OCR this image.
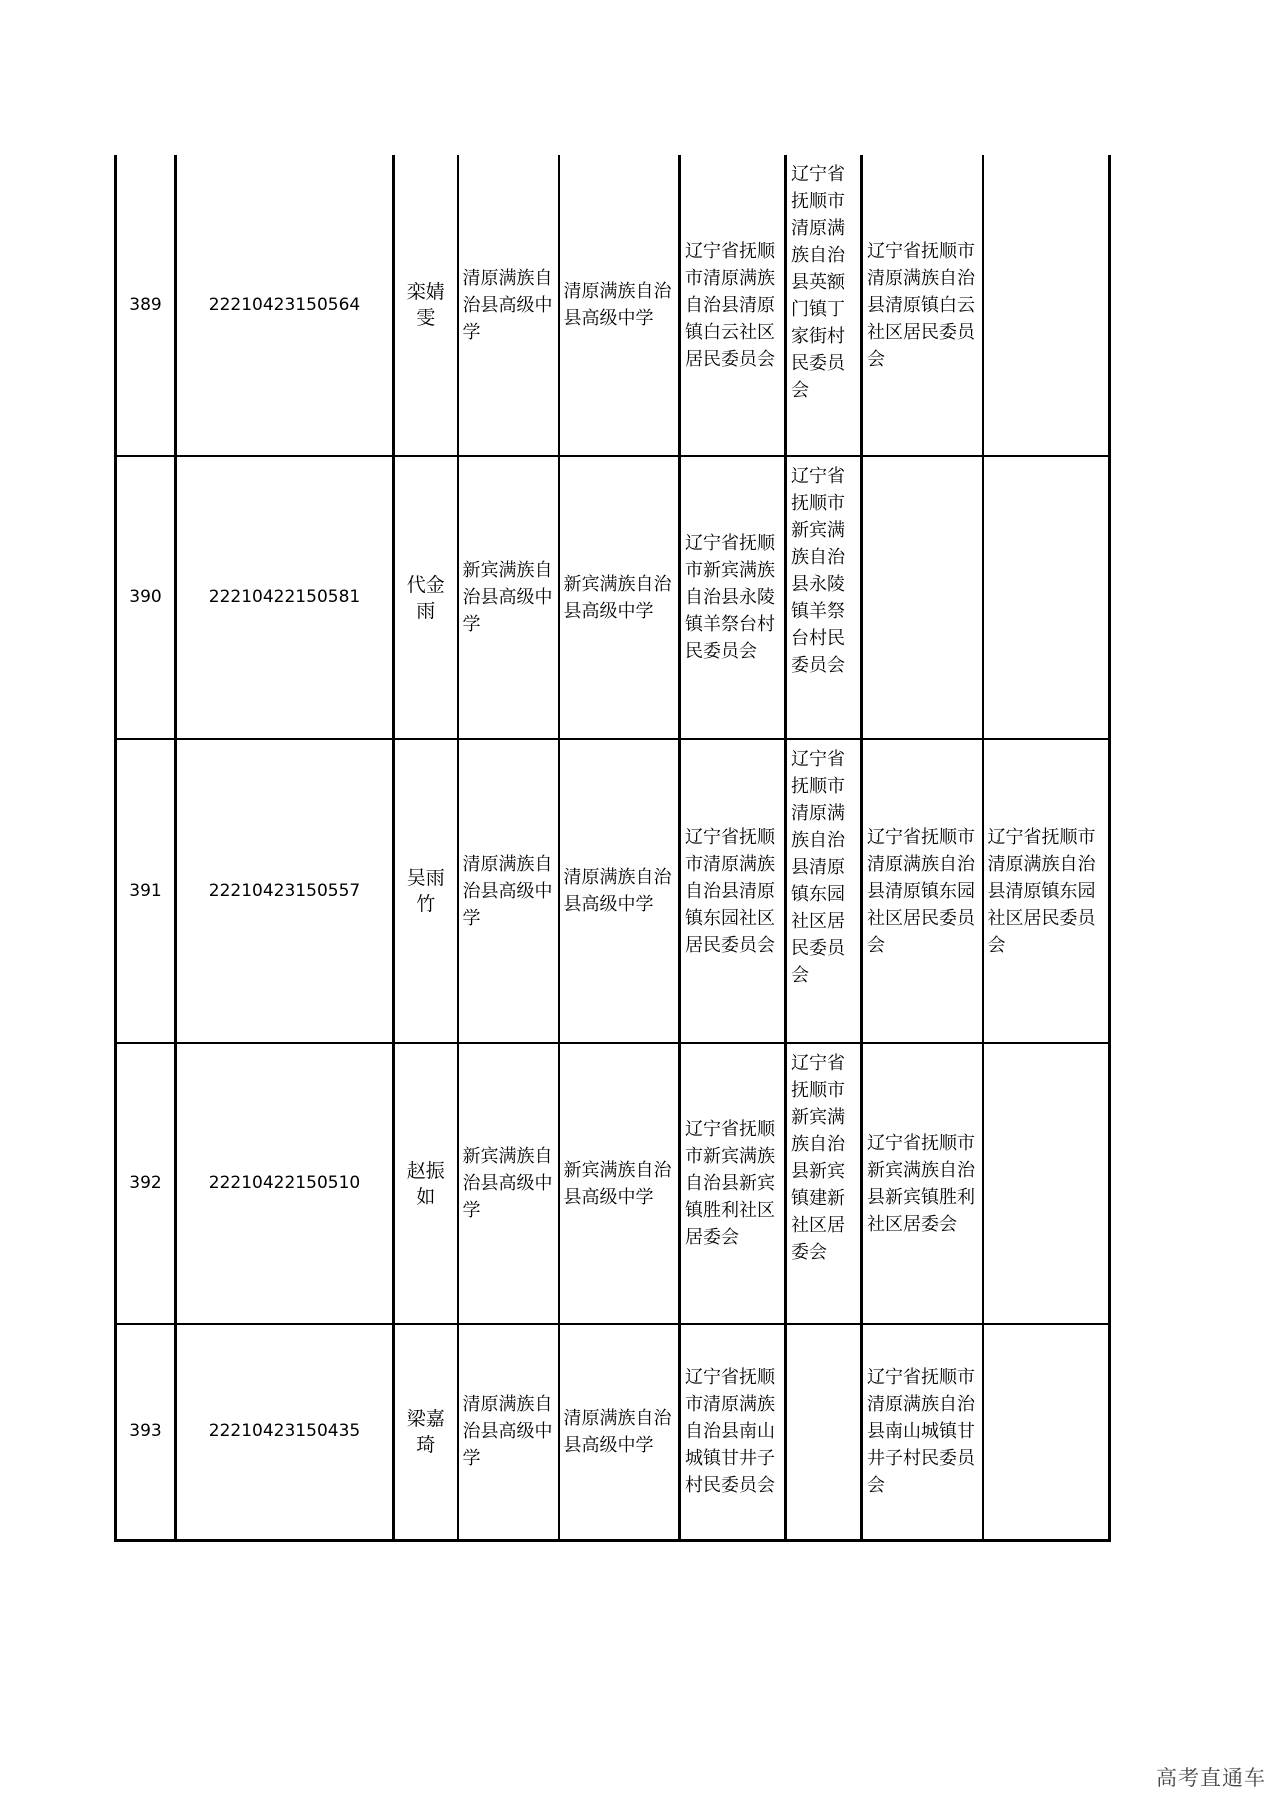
389	22210423150564	栾婧雯	清原满族自治县高级中学	清原满族自治县高级中学	辽宁省抚顺市清原满族自治县清原镇白云社区居民委员会	辽宁省抚顺市清原满族自治县英额门镇丁家街村民委员会	辽宁省抚顺市清原满族自治县清原镇白云社区居民委员会	
390	22210422150581	代金雨	新宾满族自治县高级中学	新宾满族自治县高级中学	辽宁省抚顺市新宾满族自治县永陵镇羊祭台村民委员会	辽宁省抚顺市新宾满族自治县永陵镇羊祭台村民委员会		
391	22210423150557	吴雨竹	清原满族自治县高级中学	清原满族自治县高级中学	辽宁省抚顺市清原满族自治县清原镇东园社区居民委员会	辽宁省抚顺市清原满族自治县清原镇东园社区居民委员会	辽宁省抚顺市清原满族自治县清原镇东园社区居民委员会	辽宁省抚顺市清原满族自治县清原镇东园社区居民委员会
392	22210422150510	赵振如	新宾满族自治县高级中学	新宾满族自治县高级中学	辽宁省抚顺市新宾满族自治县新宾镇胜利社区居委会	辽宁省抚顺市新宾满族自治县新宾镇建新社区居委会	辽宁省抚顺市新宾满族自治县新宾镇胜利社区居委会	
393	22210423150435	梁嘉琦	清原满族自治县高级中学	清原满族自治县高级中学	辽宁省抚顺市清原满族自治县南山城镇甘井子村民委员会		辽宁省抚顺市清原满族自治县南山城镇甘井子村民委员会	
高考直通车
